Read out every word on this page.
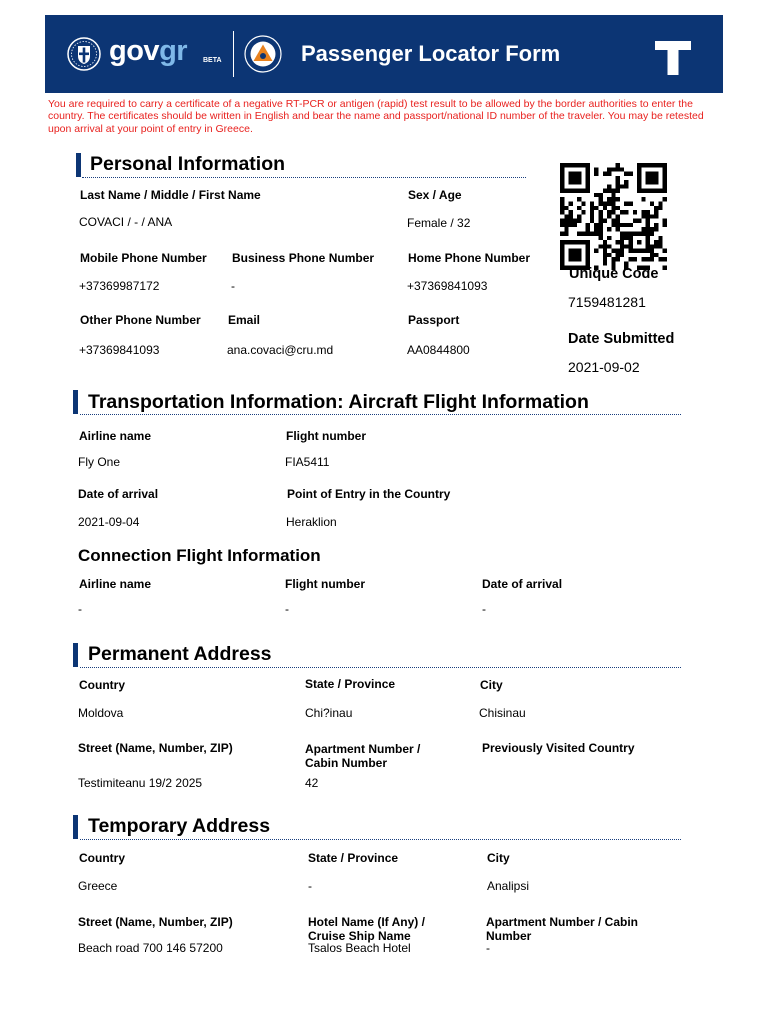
govgr BETA	Passenger Locator Form
You are required to carry a certificate of a negative RT-PCR or antigen (rapid) test result to be allowed by the border authorities to enter the country. The certificates should be written in English and bear the name and passport/national ID number of the traveler. You may be retested upon arrival at your point of entry in Greece.
Personal Information
Last Name / Middle / First Name
COVACI / - / ANA
Sex / Age
Female / 32
Mobile Phone Number
+37369987172
Business Phone Number
-
Home Phone Number
+37369841093
Other Phone Number
+37369841093
Email
ana.covaci@cru.md
Passport
AA0844800
Unique Code
7159481281
Date Submitted
2021-09-02
Transportation Information: Aircraft Flight Information
Airline name
Fly One
Flight number
FIA5411
Date of arrival
2021-09-04
Point of Entry in the Country
Heraklion
Connection Flight Information
Airline name
-
Flight number
-
Date of arrival
-
Permanent Address
Country
Moldova
State / Province
Chi?inau
City
Chisinau
Street (Name, Number, ZIP)
Testimiteanu 19/2 2025
Apartment Number /
Cabin Number
42
Previously Visited Country
Temporary Address
Country
Greece
State / Province
-
City
Analipsi
Street (Name, Number, ZIP)
Beach road 700 146 57200
Hotel Name (If Any) /
Cruise Ship Name
Tsalos Beach Hotel
Apartment Number / Cabin
Number
-
